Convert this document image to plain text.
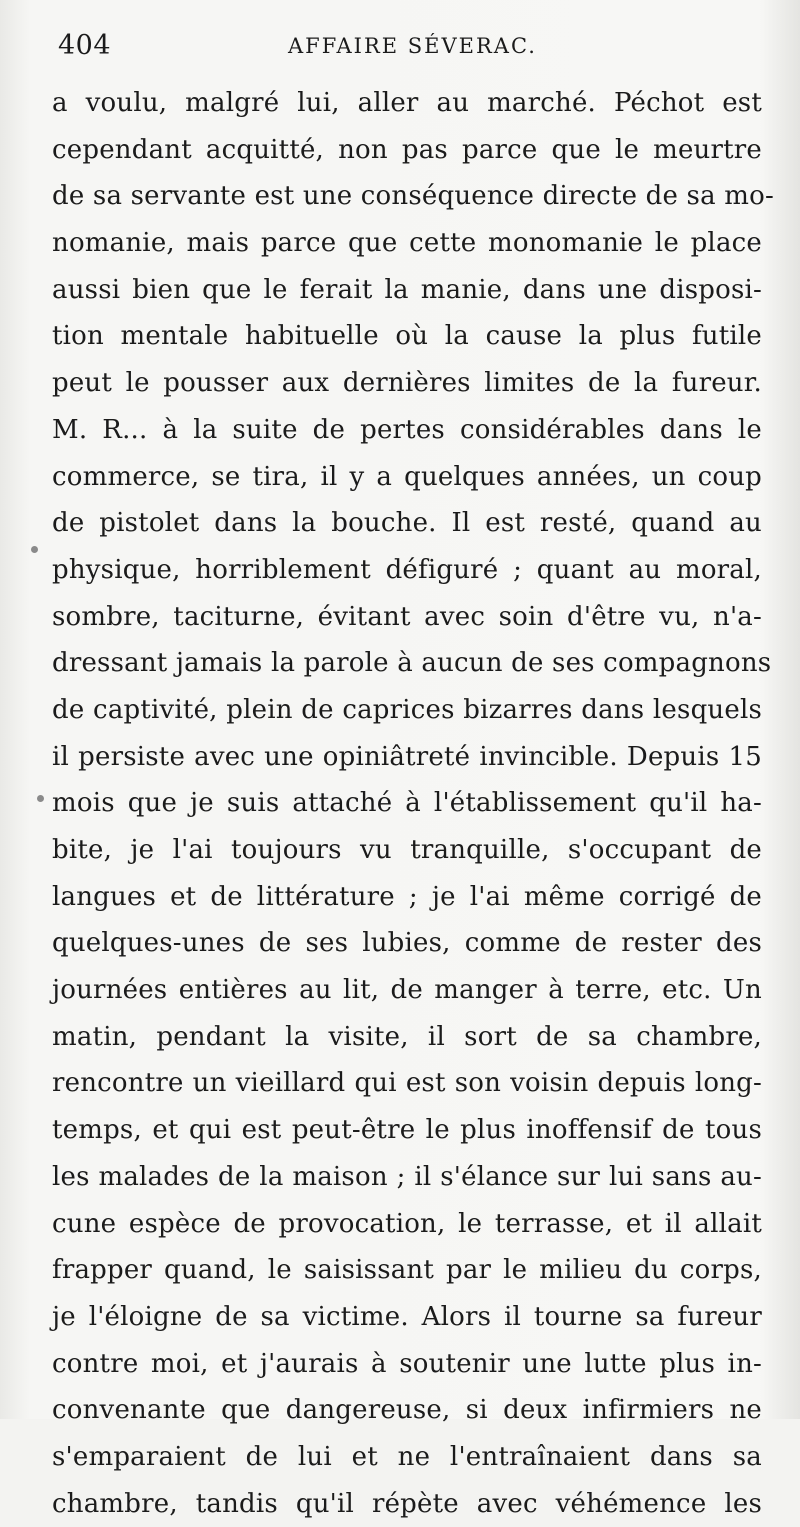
404	AFFAIRE SÉVERAC.
a voulu, malgré lui, aller au marché. Péchot est
cependant acquitté, non pas parce que le meurtre
de sa servante est une conséquence directe de sa mo-
nomanie, mais parce que cette monomanie le place
aussi bien que le ferait la manie, dans une disposi-
tion mentale habituelle où la cause la plus futile
peut le pousser aux dernières limites de la fureur.
M. R... à la suite de pertes considérables dans le
commerce, se tira, il y a quelques années, un coup
de pistolet dans la bouche. Il est resté, quand au
physique, horriblement défiguré ; quant au moral,
sombre, taciturne, évitant avec soin d'être vu, n'a-
dressant jamais la parole à aucun de ses compagnons
de captivité, plein de caprices bizarres dans lesquels
il persiste avec une opiniâtreté invincible. Depuis 15
mois que je suis attaché à l'établissement qu'il ha-
bite, je l'ai toujours vu tranquille, s'occupant de
langues et de littérature ; je l'ai même corrigé de
quelques-unes de ses lubies, comme de rester des
journées entières au lit, de manger à terre, etc. Un
matin, pendant la visite, il sort de sa chambre,
rencontre un vieillard qui est son voisin depuis long-
temps, et qui est peut-être le plus inoffensif de tous
les malades de la maison ; il s'élance sur lui sans au-
cune espèce de provocation, le terrasse, et il allait
frapper quand, le saisissant par le milieu du corps,
je l'éloigne de sa victime. Alors il tourne sa fureur
contre moi, et j'aurais à soutenir une lutte plus in-
convenante que dangereuse, si deux infirmiers ne
s'emparaient de lui et ne l'entraînaient dans sa
chambre, tandis qu'il répète avec véhémence les
